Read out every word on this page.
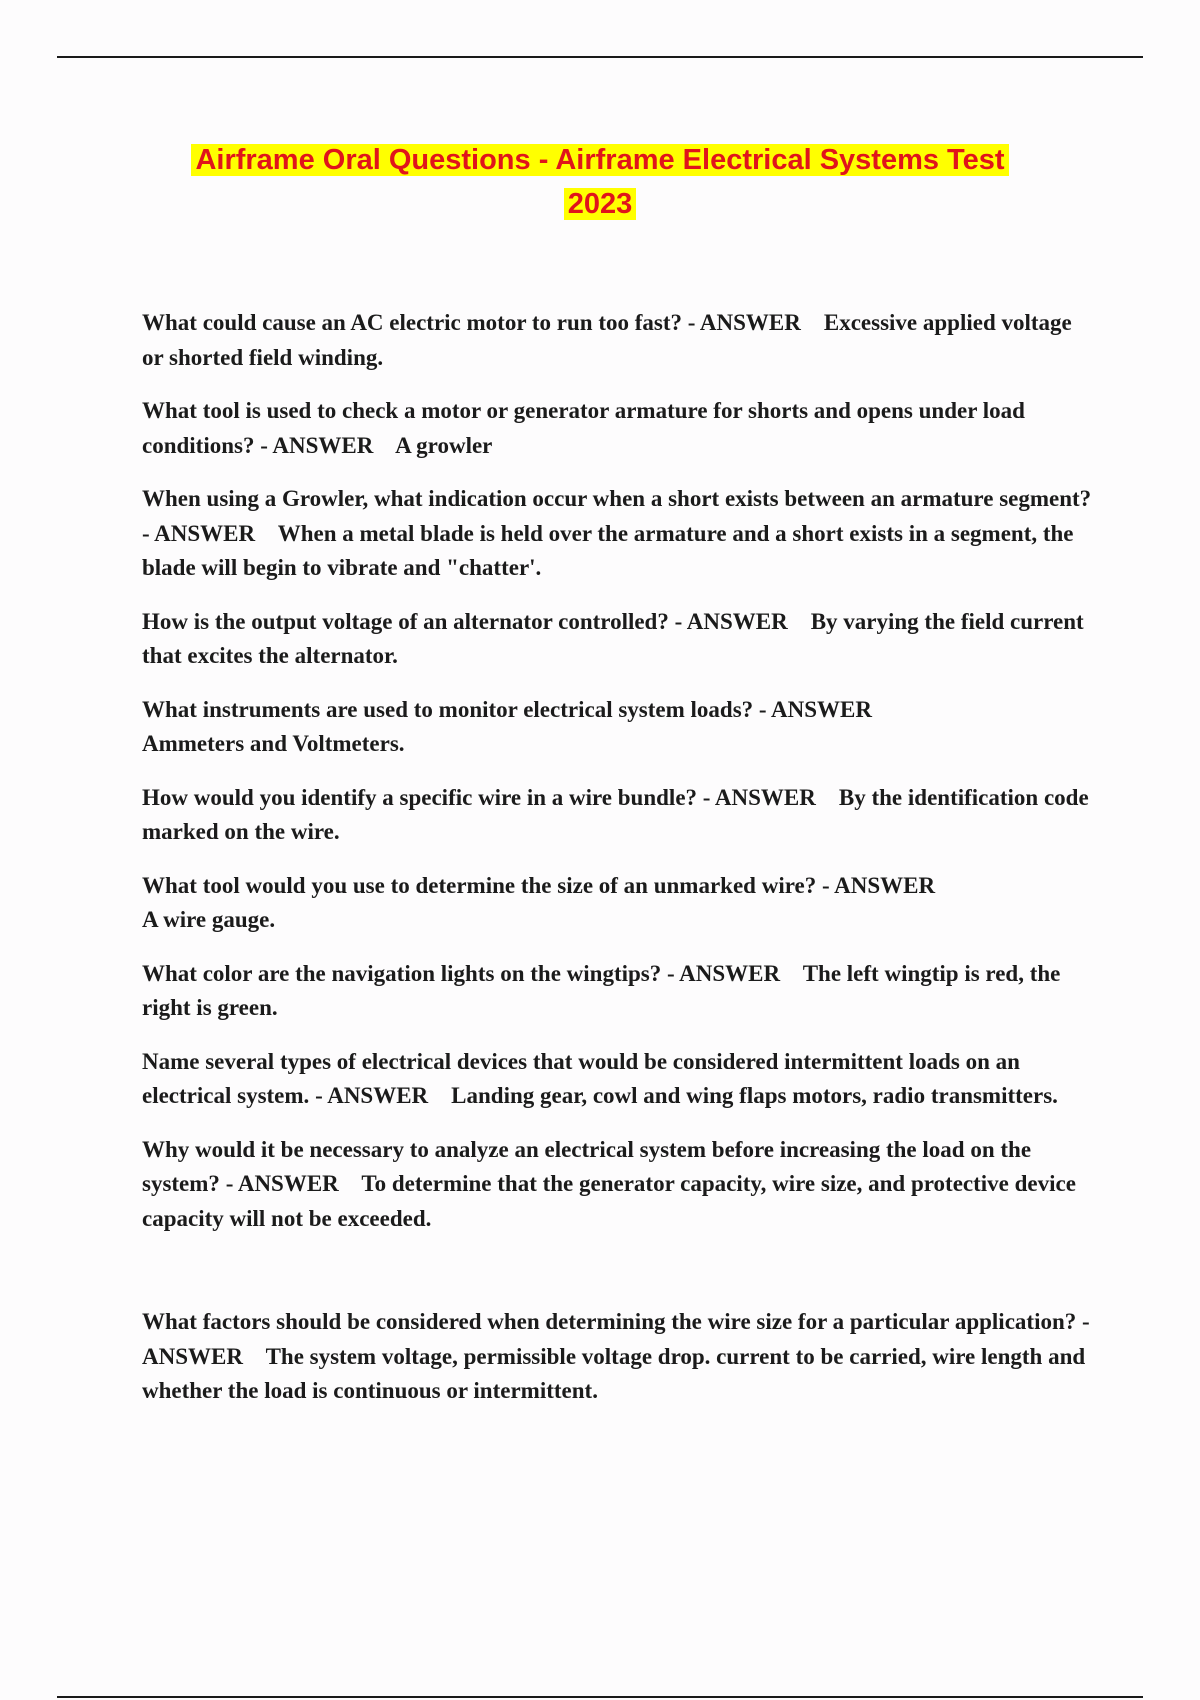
Airframe Oral Questions - Airframe Electrical Systems Test
2023

What could cause an AC electric motor to run too fast? - ANSWER Excessive applied voltage or shorted field winding.

What tool is used to check a motor or generator armature for shorts and opens under load conditions? - ANSWER A growler

When using a Growler, what indication occur when a short exists between an armature segment? - ANSWER When a metal blade is held over the armature and a short exists in a segment, the blade will begin to vibrate and "chatter'.

How is the output voltage of an alternator controlled? - ANSWER By varying the field current that excites the alternator.

What instruments are used to monitor electrical system loads? - ANSWER
Ammeters and Voltmeters.

How would you identify a specific wire in a wire bundle? - ANSWER By the identification code marked on the wire.

What tool would you use to determine the size of an unmarked wire? - ANSWER
A wire gauge.

What color are the navigation lights on the wingtips? - ANSWER The left wingtip is red, the right is green.

Name several types of electrical devices that would be considered intermittent loads on an electrical system. - ANSWER Landing gear, cowl and wing flaps motors, radio transmitters.

Why would it be necessary to analyze an electrical system before increasing the load on the system? - ANSWER To determine that the generator capacity, wire size, and protective device capacity will not be exceeded.

What factors should be considered when determining the wire size for a particular application? - ANSWER The system voltage, permissible voltage drop. current to be carried, wire length and whether the load is continuous or intermittent.
